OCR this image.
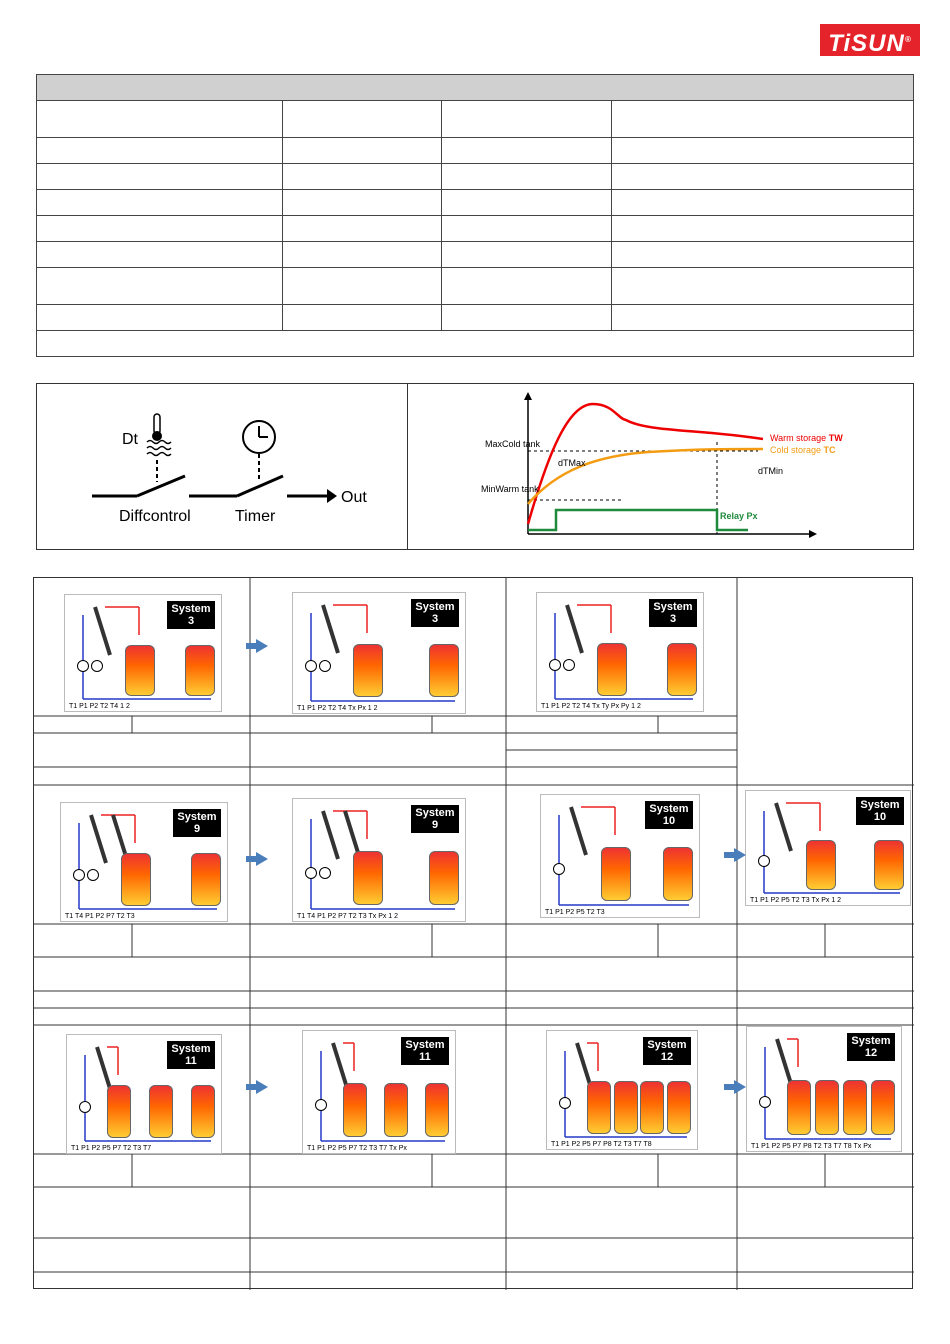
TiSUN®

Dt
Diffcontrol	Timer
Out
MaxCold tank
MinWarm tank
dTMax
dTMin
Warm storage TW
Cold storage TC
Relay Px
System 3
T1 P1 P2 T2 T4 1 2
System 3
T1 P1 P2 T2 T4 Tx Px 1 2
System 3
T1 P1 P2 T2 T4 Tx Ty Px Py 1 2
System 9
T1 T4 P1 P2 P7 T2 T3
System 9
T1 T4 P1 P2 P7 T2 T3 Tx Px 1 2
System 10
T1 P1 P2 P5 T2 T3
System 10
T1 P1 P2 P5 T2 T3 Tx Px 1 2
System 11
T1 P1 P2 P5 P7 T2 T3 T7
System 11
T1 P1 P2 P5 P7 T2 T3 T7 Tx Px
System 12
T1 P1 P2 P5 P7 P8 T2 T3 T7 T8
System 12
T1 P1 P2 P5 P7 P8 T2 T3 T7 T8 Tx Px
